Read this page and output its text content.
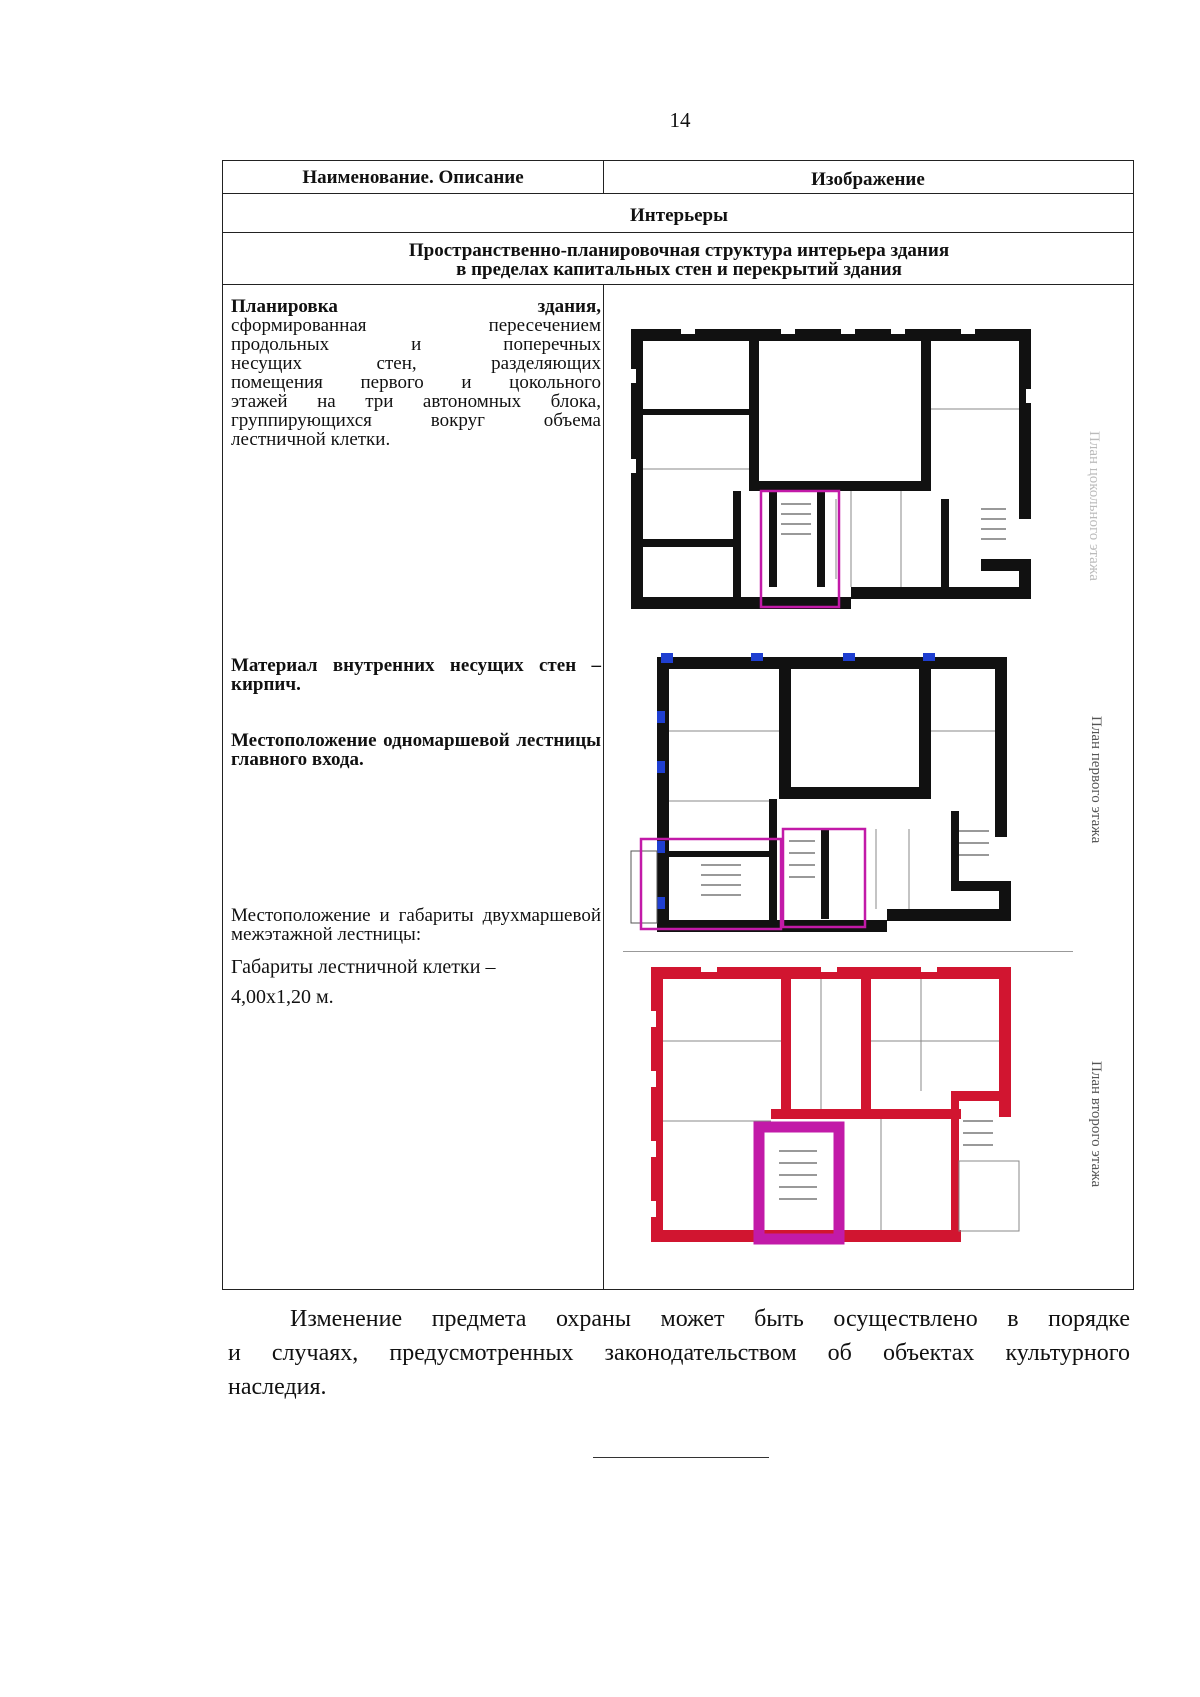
14
Наименование. Описание	Изображение
Интерьеры
Пространственно-планировочная структура интерьера здания
в пределах капитальных стен и перекрытий здания
Планировка здания,
сформированная пересечением
продольных и поперечных
несущих стен, разделяющих
помещения первого и цокольного
этажей на три автономных блока,
группирующихся вокруг объема
лестничной клетки.
Материал внутренних несущих стен – кирпич.
Местоположение одномаршевой лестницы главного входа.
Местоположение и габариты двухмаршевой межэтажной лестницы:
Габариты лестничной клетки –
4,00х1,20 м.
План цокольного этажа
План первого этажа
План второго этажа
Изменение предмета охраны может быть осуществлено в порядке
и случаях, предусмотренных законодательством об объектах культурного
наследия.
